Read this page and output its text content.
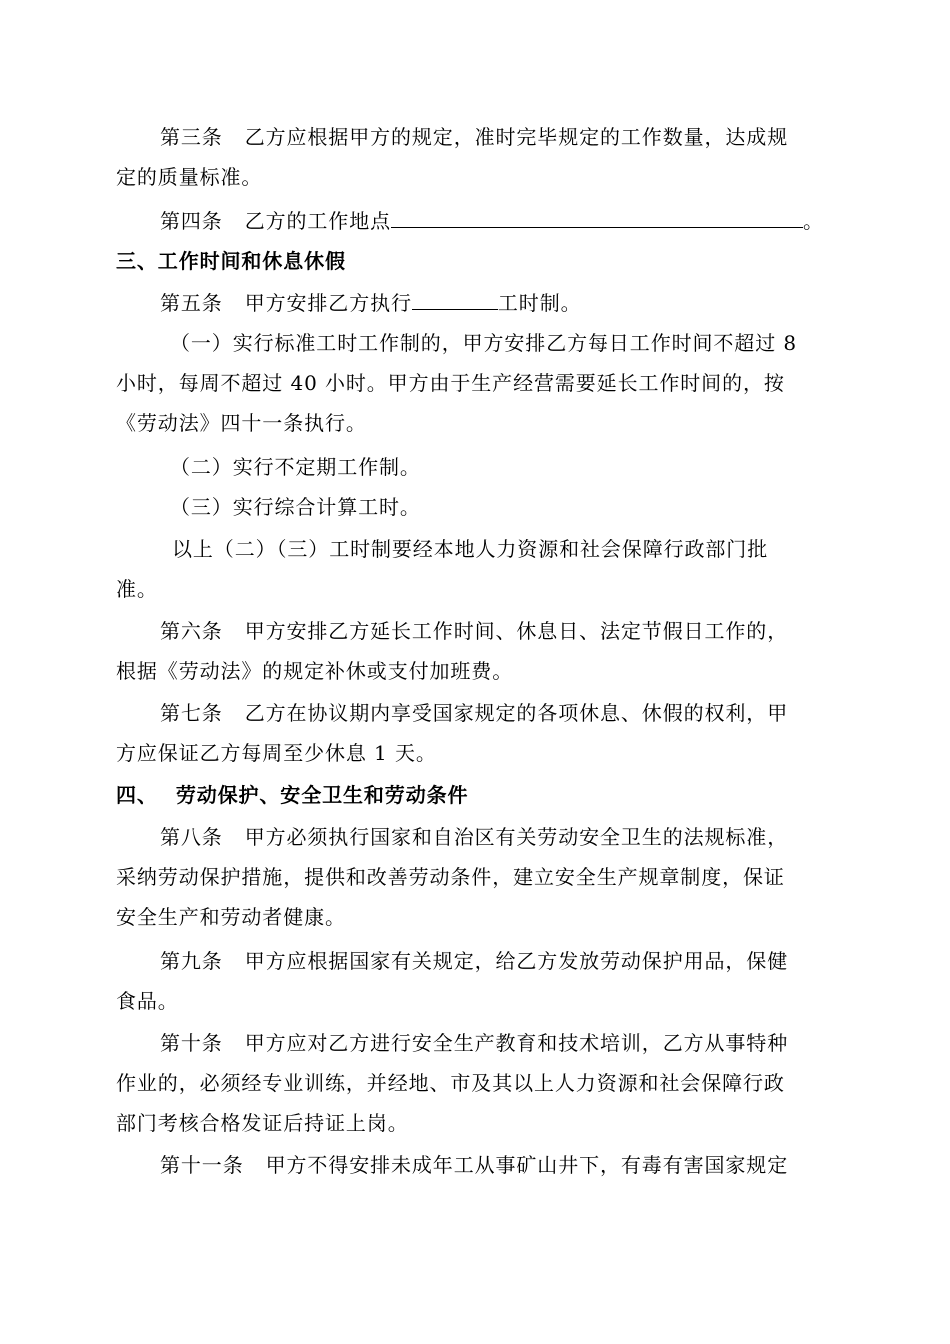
第三条 乙方应根据甲方的规定，准时完毕规定的工作数量，达成规
定的质量标准。
第四条 乙方的工作地点	。
三、工作时间和休息休假
第五条 甲方安排乙方执行	工时制。
（一）实行标准工时工作制的，甲方安排乙方每日工作时间不超过 8
小时，每周不超过 40 小时。甲方由于生产经营需要延长工作时间的，按
《劳动法》四十一条执行。
（二）实行不定期工作制。
（三）实行综合计算工时。
以上（二）（三）工时制要经本地人力资源和社会保障行政部门批
准。
第六条 甲方安排乙方延长工作时间、休息日、法定节假日工作的，
根据《劳动法》的规定补休或支付加班费。
第七条 乙方在协议期内享受国家规定的各项休息、休假的权利，甲
方应保证乙方每周至少休息 1 天。
四、 劳动保护、安全卫生和劳动条件
第八条 甲方必须执行国家和自治区有关劳动安全卫生的法规标准，
采纳劳动保护措施，提供和改善劳动条件，建立安全生产规章制度，保证
安全生产和劳动者健康。
第九条 甲方应根据国家有关规定，给乙方发放劳动保护用品，保健
食品。
第十条 甲方应对乙方进行安全生产教育和技术培训，乙方从事特种
作业的，必须经专业训练，并经地、市及其以上人力资源和社会保障行政
部门考核合格发证后持证上岗。
第十一条 甲方不得安排未成年工从事矿山井下，有毒有害国家规定
